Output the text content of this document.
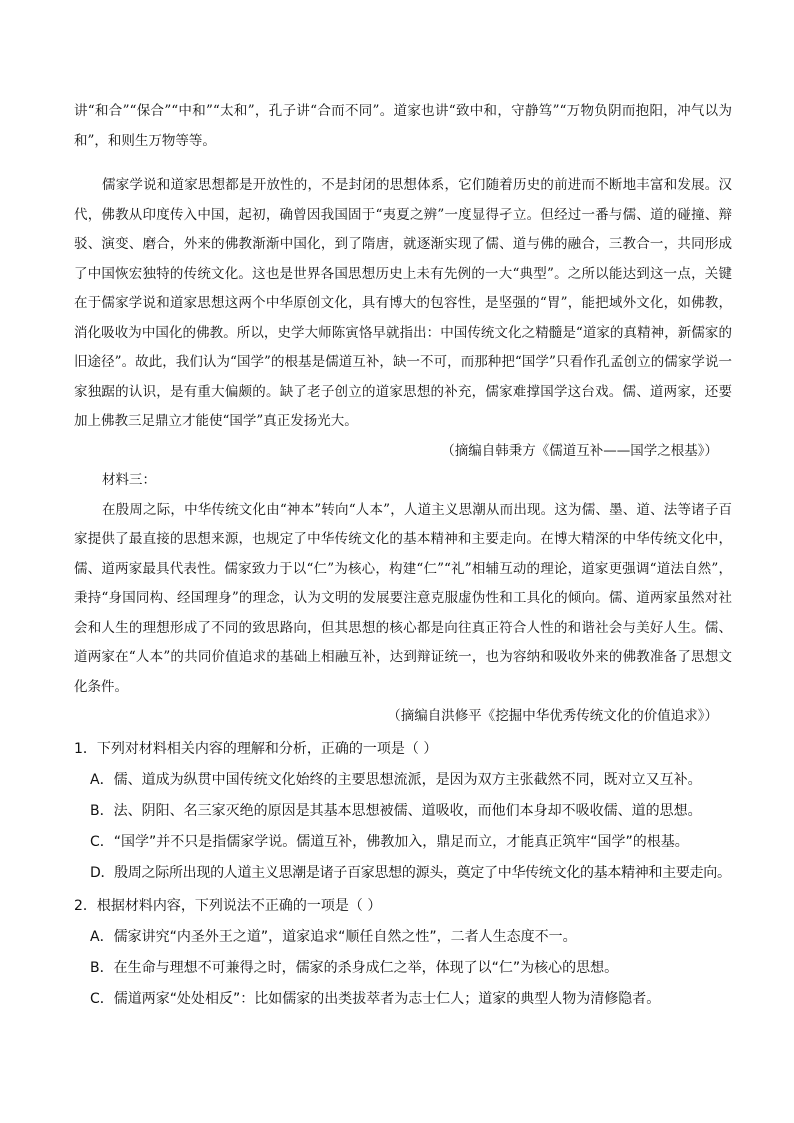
讲“和合”“保合”“中和”“太和”，孔子讲“合而不同”。道家也讲“致中和，守静笃”“万物负阴而抱阳，冲气以为和”，和则生万物等等。

儒家学说和道家思想都是开放性的，不是封闭的思想体系，它们随着历史的前进而不断地丰富和发展。汉代，佛教从印度传入中国，起初，确曾因我国固于“夷夏之辨”一度显得孑立。但经过一番与儒、道的碰撞、辩驳、演变、磨合，外来的佛教渐渐中国化，到了隋唐，就逐渐实现了儒、道与佛的融合，三教合一，共同形成了中国恢宏独特的传统文化。这也是世界各国思想历史上未有先例的一大“典型”。之所以能达到这一点，关键在于儒家学说和道家思想这两个中华原创文化，具有博大的包容性，是坚强的“胃”，能把域外文化，如佛教，消化吸收为中国化的佛教。所以，史学大师陈寅恪早就指出：中国传统文化之精髓是“道家的真精神，新儒家的旧途径”。故此，我们认为“国学”的根基是儒道互补，缺一不可，而那种把“国学”只看作孔孟创立的儒家学说一家独踞的认识，是有重大偏颇的。缺了老子创立的道家思想的补充，儒家难撑国学这台戏。儒、道两家，还要加上佛教三足鼎立才能使“国学”真正发扬光大。

（摘编自韩秉方《儒道互补——国学之根基》）

材料三：

在殷周之际，中华传统文化由“神本”转向“人本”，人道主义思潮从而出现。这为儒、墨、道、法等诸子百家提供了最直接的思想来源，也规定了中华传统文化的基本精神和主要走向。在博大精深的中华传统文化中，儒、道两家最具代表性。儒家致力于以“仁”为核心，构建“仁”“礼”相辅互动的理论，道家更强调“道法自然”，秉持“身国同构、经国理身”的理念，认为文明的发展要注意克服虚伪性和工具化的倾向。儒、道两家虽然对社会和人生的理想形成了不同的致思路向，但其思想的核心都是向往真正符合人性的和谐社会与美好人生。儒、道两家在“人本”的共同价值追求的基础上相融互补，达到辩证统一，也为容纳和吸收外来的佛教准备了思想文化条件。

（摘编自洪修平《挖掘中华优秀传统文化的价值追求》）

1．下列对材料相关内容的理解和分析，正确的一项是（ ）

A．儒、道成为纵贯中国传统文化始终的主要思想流派，是因为双方主张截然不同，既对立又互补。

B．法、阴阳、名三家灭绝的原因是其基本思想被儒、道吸收，而他们本身却不吸收儒、道的思想。

C．“国学”并不只是指儒家学说。儒道互补，佛教加入，鼎足而立，才能真正筑牢“国学”的根基。

D．殷周之际所出现的人道主义思潮是诸子百家思想的源头，奠定了中华传统文化的基本精神和主要走向。

2．根据材料内容，下列说法不正确的一项是（ ）

A．儒家讲究“内圣外王之道”，道家追求“顺任自然之性”，二者人生态度不一。

B．在生命与理想不可兼得之时，儒家的杀身成仁之举，体现了以“仁”为核心的思想。

C．儒道两家“处处相反”：比如儒家的出类拔萃者为志士仁人；道家的典型人物为清修隐者。
